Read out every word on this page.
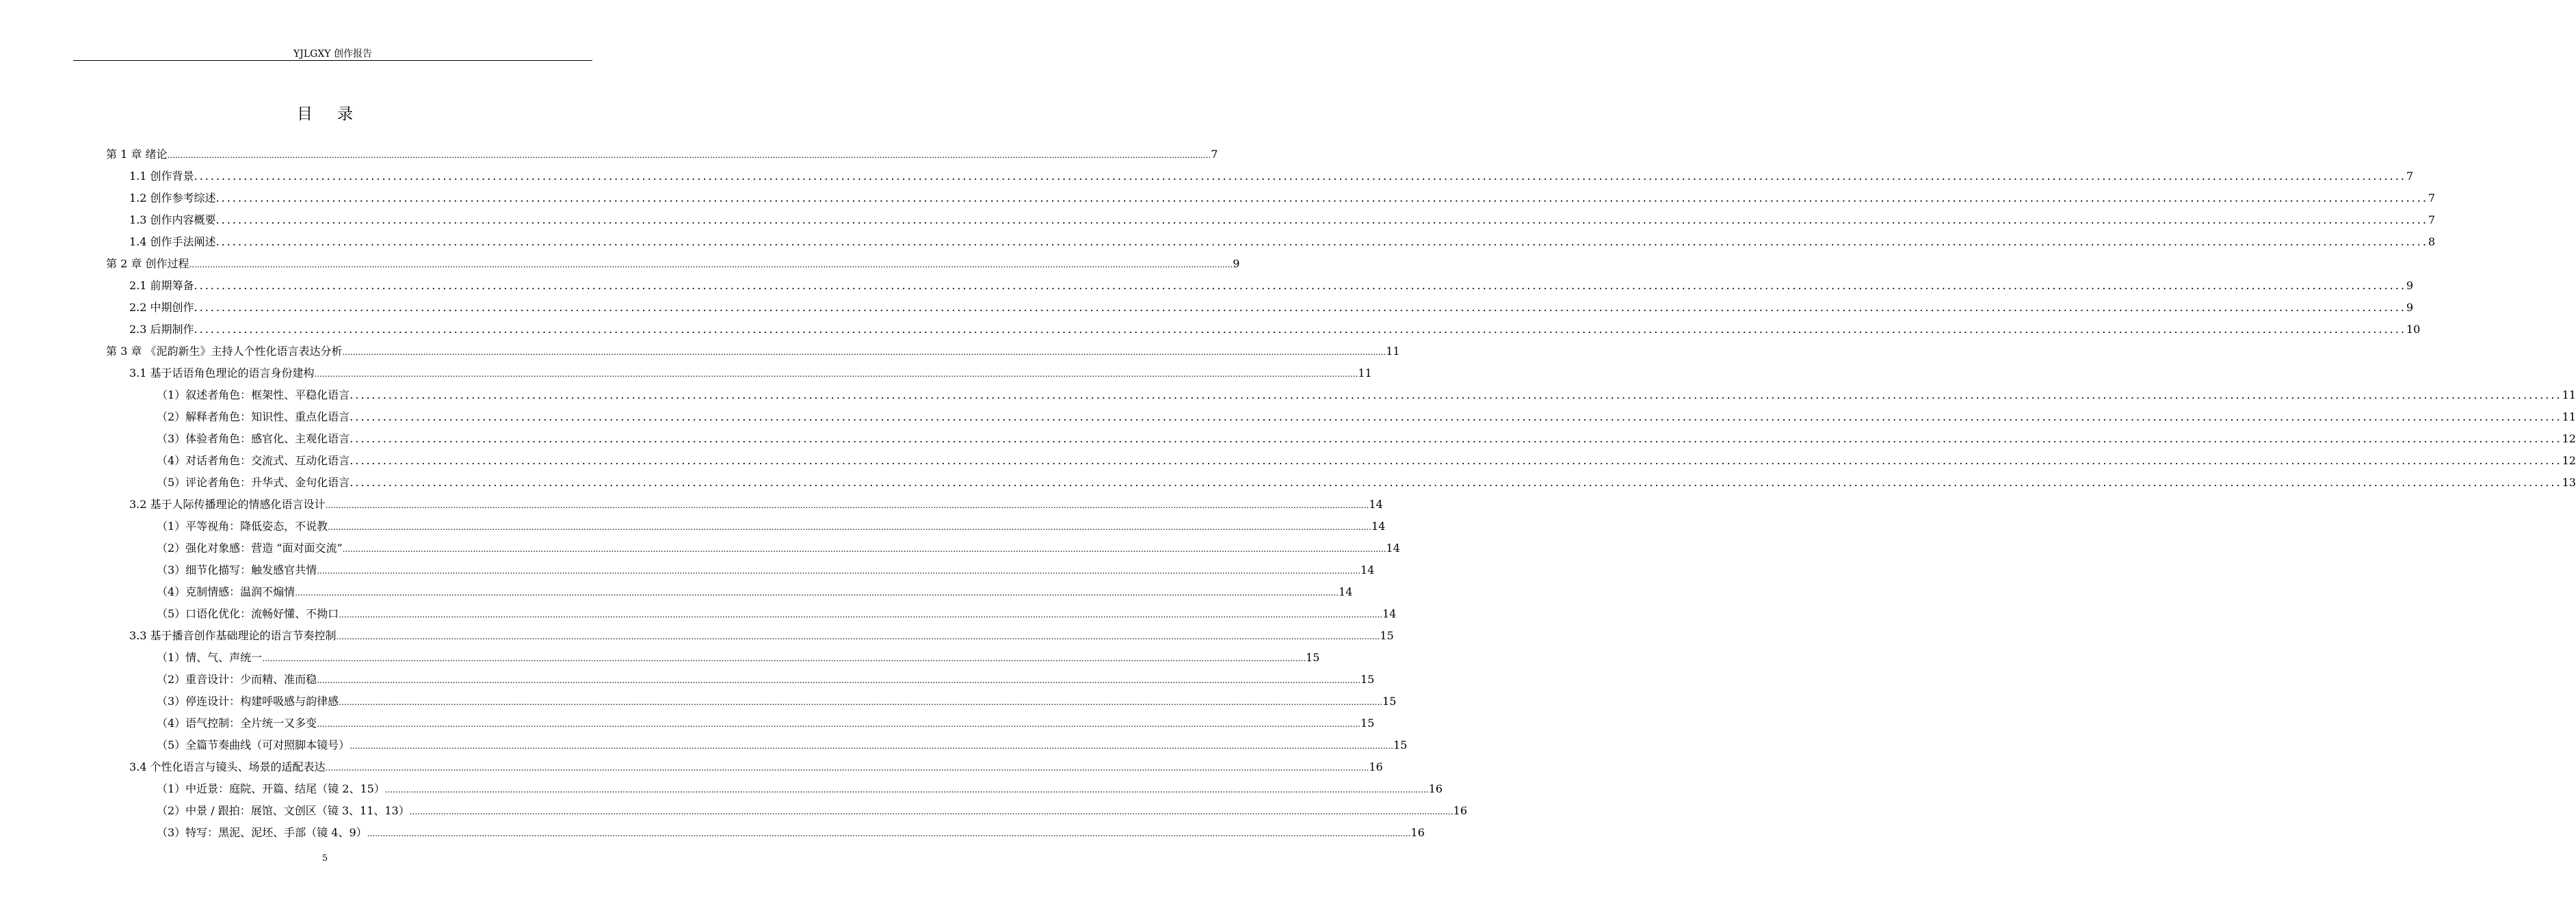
YJLGXY 创作报告
目 录
第 1 章 绪论 ................................................................................................................................................................................................................................................................................................................................................................................................................ 7
1.1 创作背景 ................................................................................................................................................................................................................................................................................................................................................................................................................ 7
1.2 创作参考综述 ................................................................................................................................................................................................................................................................................................................................................................................................................ 7
1.3 创作内容概要 ................................................................................................................................................................................................................................................................................................................................................................................................................ 7
1.4 创作手法阐述 ................................................................................................................................................................................................................................................................................................................................................................................................................ 8
第 2 章 创作过程 ................................................................................................................................................................................................................................................................................................................................................................................................................ 9
2.1 前期筹备 ................................................................................................................................................................................................................................................................................................................................................................................................................ 9
2.2 中期创作 ................................................................................................................................................................................................................................................................................................................................................................................................................ 9
2.3 后期制作 ................................................................................................................................................................................................................................................................................................................................................................................................................ 10
第 3 章 《泥韵新生》主持人个性化语言表达分析 ................................................................................................................................................................................................................................................................................................................................................................................................................ 11
3.1 基于话语角色理论的语言身份建构 ................................................................................................................................................................................................................................................................................................................................................................................................................ 11
（1）叙述者角色：框架性、平稳化语言 ................................................................................................................................................................................................................................................................................................................................................................................................................ 11
（2）解释者角色：知识性、重点化语言 ................................................................................................................................................................................................................................................................................................................................................................................................................ 11
（3）体验者角色：感官化、主观化语言 ................................................................................................................................................................................................................................................................................................................................................................................................................ 12
（4）对话者角色：交流式、互动化语言 ................................................................................................................................................................................................................................................................................................................................................................................................................ 12
（5）评论者角色：升华式、金句化语言 ................................................................................................................................................................................................................................................................................................................................................................................................................ 13
3.2 基于人际传播理论的情感化语言设计 ................................................................................................................................................................................................................................................................................................................................................................................................................ 14
（1）平等视角：降低姿态，不说教 ................................................................................................................................................................................................................................................................................................................................................................................................................ 14
（2）强化对象感：营造 “面对面交流” ................................................................................................................................................................................................................................................................................................................................................................................................................ 14
（3）细节化描写：触发感官共情 ................................................................................................................................................................................................................................................................................................................................................................................................................ 14
（4）克制情感：温润不煽情 ................................................................................................................................................................................................................................................................................................................................................................................................................ 14
（5）口语化优化：流畅好懂、不拗口 ................................................................................................................................................................................................................................................................................................................................................................................................................ 14
3.3 基于播音创作基础理论的语言节奏控制 ................................................................................................................................................................................................................................................................................................................................................................................................................ 15
（1）情、气、声统一 ................................................................................................................................................................................................................................................................................................................................................................................................................ 15
（2）重音设计：少而精、准而稳 ................................................................................................................................................................................................................................................................................................................................................................................................................ 15
（3）停连设计：构建呼吸感与韵律感 ................................................................................................................................................................................................................................................................................................................................................................................................................ 15
（4）语气控制：全片统一又多变 ................................................................................................................................................................................................................................................................................................................................................................................................................ 15
（5）全篇节奏曲线（可对照脚本镜号） ................................................................................................................................................................................................................................................................................................................................................................................................................ 15
3.4 个性化语言与镜头、场景的适配表达 ................................................................................................................................................................................................................................................................................................................................................................................................................ 16
（1）中近景：庭院、开篇、结尾（镜 2、15） ................................................................................................................................................................................................................................................................................................................................................................................................................ 16
（2）中景 / 跟拍：展馆、文创区（镜 3、11、13） ................................................................................................................................................................................................................................................................................................................................................................................................................ 16
（3）特写：黑泥、泥坯、手部（镜 4、9） ................................................................................................................................................................................................................................................................................................................................................................................................................ 16
5
